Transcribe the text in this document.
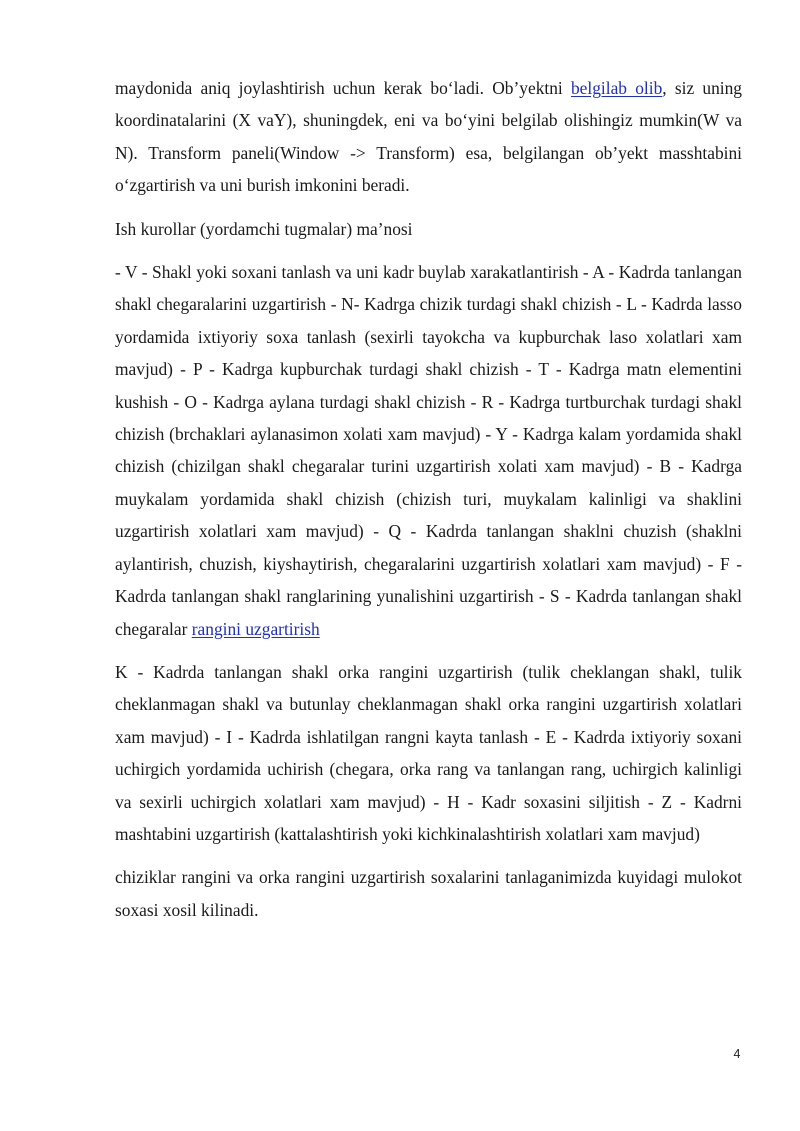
maydonida aniq joylashtirish uchun kerak bo‘ladi. Ob’yektni belgilab olib, siz uning koordinatalarini (X vaY), shuningdek, eni va bo‘yini belgilab olishingiz mumkin(W va N). Transform paneli(Window -> Transform) esa, belgilangan ob’yekt masshtabini o‘zgartirish va uni burish imkonini beradi.

Ish kurollar (yordamchi tugmalar) ma’nosi

- V - Shakl yoki soxani tanlash va uni kadr buylab xarakatlantirish - A - Kadrda tanlangan shakl chegaralarini uzgartirish - N- Kadrga chizik turdagi shakl chizish - L - Kadrda lasso yordamida ixtiyoriy soxa tanlash (sexirli tayokcha va kupburchak laso xolatlari xam mavjud) - P - Kadrga kupburchak turdagi shakl chizish - T - Kadrga matn elementini kushish - O - Kadrga aylana turdagi shakl chizish - R - Kadrga turtburchak turdagi shakl chizish (brchaklari aylanasimon xolati xam mavjud) - Y - Kadrga kalam yordamida shakl chizish (chizilgan shakl chegaralar turini uzgartirish xolati xam mavjud) - B - Kadrga muykalam yordamida shakl chizish (chizish turi, muykalam kalinligi va shaklini uzgartirish xolatlari xam mavjud) - Q - Kadrda tanlangan shaklni chuzish (shaklni aylantirish, chuzish, kiyshaytirish, chegaralarini uzgartirish xolatlari xam mavjud) - F - Kadrda tanlangan shakl ranglarining yunalishini uzgartirish - S - Kadrda tanlangan shakl chegaralar rangini uzgartirish

K - Kadrda tanlangan shakl orka rangini uzgartirish (tulik cheklangan shakl, tulik cheklanmagan shakl va butunlay cheklanmagan shakl orka rangini uzgartirish xolatlari xam mavjud) - I - Kadrda ishlatilgan rangni kayta tanlash - E - Kadrda ixtiyoriy soxani uchirgich yordamida uchirish (chegara, orka rang va tanlangan rang, uchirgich kalinligi va sexirli uchirgich xolatlari xam mavjud) - H - Kadr soxasini siljitish - Z - Kadrni mashtabini uzgartirish (kattalashtirish yoki kichkinalashtirish xolatlari xam mavjud)

chiziklar rangini va orka rangini uzgartirish soxalarini tanlaganimizda kuyidagi mulokot soxasi xosil kilinadi.

4
